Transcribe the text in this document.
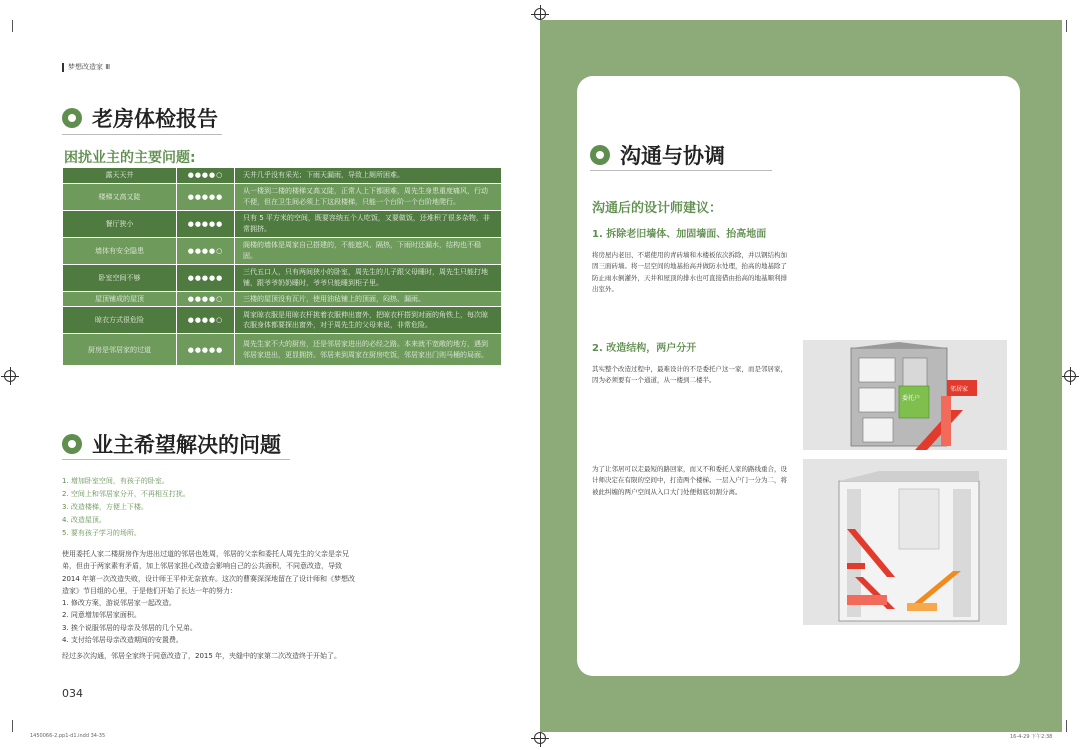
梦想改造家 Ⅲ
老房体检报告
困扰业主的主要问题:
露天天井	●●●●○	天井几乎没有采光；下雨天漏雨，导致上厕所困难。
楼梯又高又陡	●●●●●	从一楼到二楼的楼梯又高又陡，正常人上下都困难，周先生身患重度痛风，行动不便，但在卫生间必须上下这段楼梯，只能一个台阶一个台阶地爬行。
餐厅狭小	●●●●●	只有 5 平方米的空间，既要容纳五个人吃饭，又要做饭，还堆积了很多杂物，非常拥挤。
墙体有安全隐患	●●●●○	阁楼的墙体是周家自己搭建的，不能遮风、隔热，下雨时还漏水，结构也不稳固。
卧室空间不够	●●●●●	三代五口人，只有两间狭小的卧室，周先生的儿子跟父母睡时，周先生只能打地铺，跟爷爷奶奶睡时，爷爷只能睡到柜子里。
屋顶铺成的屋顶	●●●●○	三楼的屋顶没有瓦片，使用油毡铺上的顶面，闷热、漏雨。
晾衣方式很危险	●●●●○	周家晾衣服是用晾衣杆挑着衣服伸出窗外，把晾衣杆搭到对面的角铁上，每次晾衣服身体都要探出窗外，对于周先生的父母来说，非常危险。
厨房是邻居家的过道	●●●●●	周先生家不大的厨房，还是邻居家进出的必经之路。本来就不宽敞的地方，遇到邻居家进出，更显拥挤。邻居来到周家在厨房吃饭，邻居家出门则马桶的局面。
业主希望解决的问题
1. 增加卧室空间，有孩子的卧室。
2. 空间上和邻居家分开，不再相互打扰。
3. 改造楼梯，方便上下楼。
4. 改造屋顶。
5. 要有孩子学习的场所。
使用委托人家二楼厨房作为进出过道的邻居也姓周，邻居的父亲和委托人周先生的父亲是亲兄弟，但由于两家素有矛盾，加上邻居家担心改造会影响自己的公共面积，不同意改造，导致 2014 年第一次改造失败，设计师王平仲无奈放弃。这次的曹赛深深地留在了设计师和《梦想改造家》节目组的心里，于是他们开始了长达一年的努力：
1. 修改方案，游说邻居家一起改造。
2. 同意增加邻居家面积。
3. 挨个说服邻居的母亲及邻居的几个兄弟。
4. 支付给邻居母亲改造期间的安置费。
经过多次沟通，邻居全家终于同意改造了，2015 年，夹缝中的家第二次改造终于开始了。
034
1450066-2.pp1-d1.indd 34-35	16-4-29 下午2:38
沟通与协调
沟通后的设计师建议：
1. 拆除老旧墙体、加固墙面、抬高地面
将房屋内老旧、不堪使用的青砖墙和木楼板依次拆除，并以钢结构加固三面砖墙。将一层空间的地基抬高并做防水处理，抬高的地基除了防止雨水倒灌外，天井和屋顶的排水也可直接借由抬高的地基顺利排出室外。
2. 改造结构，两户分开
其实整个改造过程中，最难设计的不是委托户这一家，而是邻居家，因为必须要有一个通道，从一楼到二楼半。
为了让邻居可以走最短的路回家，而又不和委托人家的路线重合，设计师决定在有限的空间中，打造两个楼梯。一层入户门一分为二，将被此纠缠的两户空间从入口大门处便彻底切割分离。
委托户
邻居家
